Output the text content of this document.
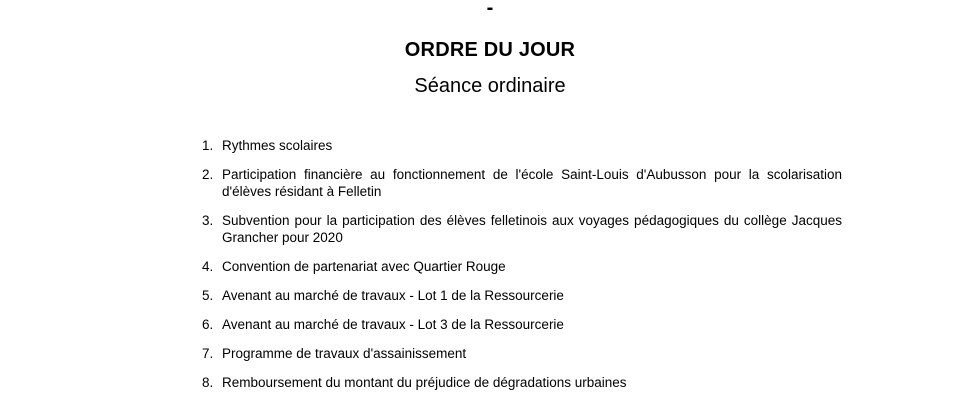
-
ORDRE DU JOUR
Séance ordinaire
1. Rythmes scolaires
2. Participation financière au fonctionnement de l'école Saint-Louis d'Aubusson pour la scolarisation d'élèves résidant à Felletin
3. Subvention pour la participation des élèves felletinois aux voyages pédagogiques du collège Jacques Grancher pour 2020
4. Convention de partenariat avec Quartier Rouge
5. Avenant au marché de travaux - Lot 1 de la Ressourcerie
6. Avenant au marché de travaux - Lot 3 de la Ressourcerie
7. Programme de travaux d'assainissement
8. Remboursement du montant du préjudice de dégradations urbaines
